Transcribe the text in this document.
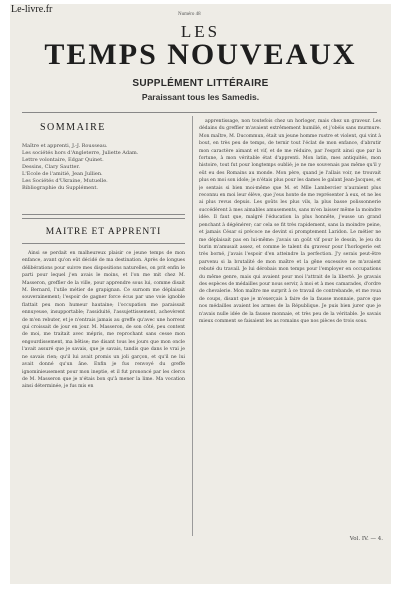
Le-livre.fr	Numéro 48
LES
TEMPS NOUVEAUX
SUPPLÉMENT LITTÉRAIRE
Paraissant tous les Samedis.
SOMMAIRE
Maître et apprenti, J.-J. Rousseau.
Les sociétés hors d'Angleterre, Juliette Adam.
Lettre volontaire, Edgar Quinet.
Dessins, Clary Sautter.
L'École de l'amitié, Jean Jullien.
Les Sociétés d'Ukraine, Mutuelle.
Bibliographie du Supplément.
MAITRE ET APPRENTI
Ainsi se perdait en malheureux plaisir ce jeune temps de mon enfance, avant qu'on eût décidé de ma destination. Après de longues délibérations pour suivre mes dispositions naturelles, on prit enfin le parti pour lequel j'en avais le moins, et l'on me mit chez M. Masseron, greffier de la ville, pour apprendre sous lui, comme disait M. Bernard, l'utile métier de grapignan. Ce surnom me déplaisait souverainement; l'espoir de gagner force écus par une voie ignoble flattait peu mon humeur hautaine; l'occupation me paraissait ennuyeuse, insupportable; l'assiduité, l'assujettissement, achevèrent de m'en rebuter, et je n'entrais jamais au greffe qu'avec une horreur qui croissait de jour en jour. M. Masseron, de son côté, peu content de moi, me traitait avec mépris, me reprochant sans cesse mon engourdissement, ma bêtise; me disant tous les jours que mon oncle l'avait assuré que je savais, que je savais, tandis que dans le vrai je ne savais rien; qu'il lui avait promis un joli garçon, et qu'il ne lui avait donné qu'un âne. Enfin je fus renvoyé du greffe ignominieusement pour mon ineptie, et il fut prononcé par les clercs de M. Masseron que je n'étais bon qu'à mener la lime. Ma vocation ainsi déterminée, je fus mis en
apprentissage, non toutefois chez un horloger, mais chez un graveur. Les dédains du greffier m'avaient extrêmement humilié, et j'obéis sans murmure. Mon maître, M. Ducommun, était un jeune homme rustre et violent, qui vint à bout, en très peu de temps, de ternir tout l'éclat de mon enfance, d'abrutir mon caractère aimant et vif, et de me réduire, par l'esprit ainsi que par la fortune, à mon véritable état d'apprenti. Mon latin, mes antiquités, mon histoire, tout fut pour longtemps oublié; je ne me souvenais pas même qu'il y eût eu des Romains au monde. Mon père, quand je l'allais voir, ne trouvait plus en moi son idole; je n'étais plus pour les dames le galant Jean-Jacques, et je sentais si bien moi-même que M. et Mlle Lambercier n'auraient plus reconnu en moi leur élève, que j'eus honte de me représenter à eux, et ne les ai plus revus depuis. Les goûts les plus vils, la plus basse polissonnerie succédèrent à mes aimables amusements, sans m'en laisser même la moindre idée. Il faut que, malgré l'éducation la plus honnête, j'eusse un grand penchant à dégénérer; car cela se fit très rapidement, sans la moindre peine, et jamais César si précoce ne devint si promptement Laridon. Le métier ne me déplaisait pas en lui-même: j'avais un goût vif pour le dessin, le jeu du burin m'amusait assez, et comme le talent du graveur pour l'horlogerie est très borné, j'avais l'espoir d'en atteindre la perfection. J'y serais peut-être parvenu si la brutalité de mon maître et la gêne excessive ne m'avaient rebuté du travail. Je lui dérobais mon temps pour l'employer en occupations du même genre, mais qui avaient pour moi l'attrait de la liberté. Je gravais des espèces de médailles pour nous servir, à moi et à mes camarades, d'ordre de chevalerie. Mon maître me surprit à ce travail de contrebande, et me roua de coups, disant que je m'exerçais à faire de la fausse monnaie, parce que nos médailles avaient les armes de la République. Je puis bien jurer que je n'avais nulle idée de la fausse monnaie, et très peu de la véritable. Je savais mieux comment se faisaient les as romains que nos pièces de trois sous.
Vol. IV. — 4.
